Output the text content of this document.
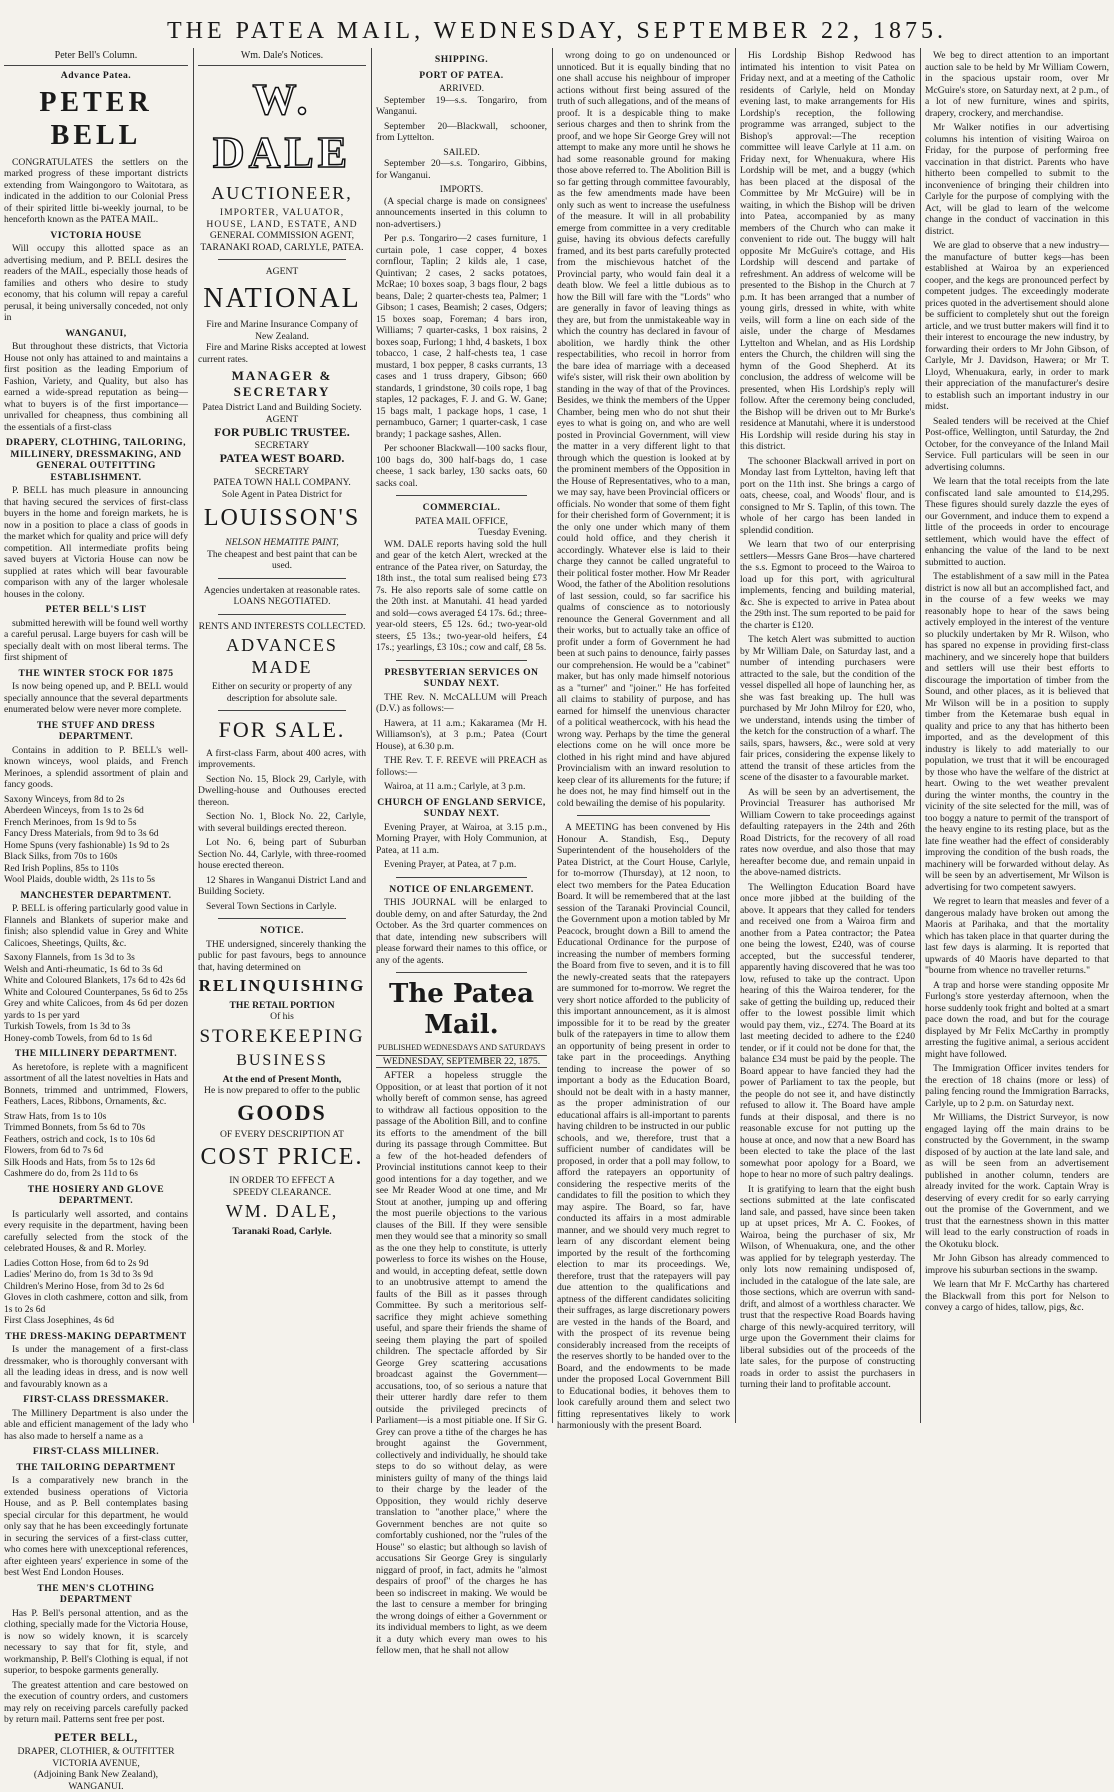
THE PATEA MAIL, WEDNESDAY, SEPTEMBER 22, 1875.
Peter Bell's Column.
Advance Patea.
PETER BELL

CONGRATULATES the settlers on the marked progress of these important districts extending from Waingongoro to Waitotara, as indicated in the addition to our Colonial Press of their spirited little bi-weekly journal, to be henceforth known as the PATEA MAIL.

VICTORIA HOUSE

Will occupy this allotted space as an advertising medium, and P. BELL desires the readers of the MAIL, especially those heads of families and others who desire to study economy, that his column will repay a careful perusal, it being universally conceded, not only in

WANGANUI,

But throughout these districts, that Victoria House not only has attained to and maintains a first position as the leading Emporium of Fashion, Variety, and Quality, but also has earned a wide-spread reputation as being—what to buyers is of the first importance—unrivalled for cheapness, thus combining all the essentials of a first-class

DRAPERY, CLOTHING, TAILORING, MILLINERY, DRESSMAKING, AND GENERAL OUTFITTING ESTABLISHMENT.

P. BELL has much pleasure in announcing that having secured the services of first-class buyers in the home and foreign markets, he is now in a position to place a class of goods in the market which for quality and price will defy competition. All intermediate profits being saved buyers at Victoria House can now be supplied at rates which will bear favourable comparison with any of the larger wholesale houses in the colony.

PETER BELL'S LIST

submitted herewith will be found well worthy a careful perusal. Large buyers for cash will be specially dealt with on most liberal terms. The first shipment of

THE WINTER STOCK FOR 1875

Is now being opened up, and P. BELL would specially announce that the several departments enumerated below were never more complete.

THE STUFF AND DRESS DEPARTMENT.

Contains in addition to P. BELL's well-known winceys, wool plaids, and French Merinoes, a splendid assortment of plain and fancy goods.

Saxony Winceys, from 8d to 2s
Aberdeen Winceys, from 1s to 2s 6d
French Merinoes, from 1s 9d to 5s
Fancy Dress Materials, from 9d to 3s 6d
Home Spuns (very fashionable) 1s 9d to 2s
Black Silks, from 70s to 160s
Red Irish Poplins, 85s to 110s
Wool Plaids, double width, 2s 11s to 5s

MANCHESTER DEPARTMENT.

P. BELL is offering particularly good value in Flannels and Blankets of superior make and finish; also splendid value in Grey and White Calicoes, Sheetings, Quilts, &c.

Saxony Flannels, from 1s 3d to 3s
Welsh and Anti-rheumatic, 1s 6d to 3s 6d
White and Coloured Blankets, 17s 6d to 42s 6d
White and Coloured Counterpanes, 5s 6d to 25s
Grey and white Calicoes, from 4s 6d per dozen yards to 1s per yard
Turkish Towels, from 1s 3d to 3s
Honey-comb Towels, from 6d to 1s 6d

THE MILLINERY DEPARTMENT.

As heretofore, is replete with a magnificent assortment of all the latest novelties in Hats and Bonnets, trimmed and untrimmed, Flowers, Feathers, Laces, Ribbons, Ornaments, &c.

Straw Hats, from 1s to 10s
Trimmed Bonnets, from 5s 6d to 70s
Feathers, ostrich and cock, 1s to 10s 6d
Flowers, from 6d to 7s 6d
Silk Hoods and Hats, from 5s to 12s 6d
Cashmere do do, from 2s 11d to 6s

THE HOSIERY AND GLOVE DEPARTMENT.

Is particularly well assorted, and contains every requisite in the department, having been carefully selected from the stock of the celebrated Houses, & and R. Morley.

Ladies Cotton Hose, from 6d to 2s 9d
Ladies' Merino do, from 1s 3d to 3s 9d
Children's Merino Hose, from 3d to 2s 6d
Gloves in cloth cashmere, cotton and silk, from 1s to 2s 6d
First Class Josephines, 4s 6d

THE DRESS-MAKING DEPARTMENT

Is under the management of a first-class dressmaker, who is thoroughly conversant with all the leading ideas in dress, and is now well and favourably known as a

FIRST-CLASS DRESSMAKER.

The Millinery Department is also under the able and efficient management of the lady who has also made to herself a name as a

FIRST-CLASS MILLINER.
THE TAILORING DEPARTMENT

Is a comparatively new branch in the extended business operations of Victoria House, and as P. Bell contemplates basing special circular for this department, he would only say that he has been exceedingly fortunate in securing the services of a first-class cutter, who comes here with unexceptional references, after eighteen years' experience in some of the best West End London Houses.

THE MEN'S CLOTHING DEPARTMENT

Has P. Bell's personal attention, and as the clothing, specially made for the Victoria House, is now so widely known, it is scarcely necessary to say that for fit, style, and workmanship, P. Bell's Clothing is equal, if not superior, to bespoke garments generally.

The greatest attention and care bestowed on the execution of country orders, and customers may rely on receiving parcels carefully packed by return mail. Patterns sent free per post.

PETER BELL,
DRAPER, CLOTHIER, & OUTFITTER
VICTORIA AVENUE,
(Adjoining Bank New Zealand),
WANGANUI.
Wm. Dale's Notices.
W. DALE
AUCTIONEER,
IMPORTER, VALUATOR,
HOUSE, LAND, ESTATE, AND
GENERAL COMMISSION AGENT,
TARANAKI ROAD, CARLYLE, PATEA.
AGENT
NATIONAL
Fire and Marine Insurance Company of New Zealand.

Fire and Marine Risks accepted at lowest current rates.

MANAGER & SECRETARY
Patea District Land and Building Society.
AGENT
FOR PUBLIC TRUSTEE.
SECRETARY
PATEA WEST BOARD.
SECRETARY
PATEA TOWN HALL COMPANY.
Sole Agent in Patea District for
LOUISSON'S
NELSON HEMATITE PAINT,
The cheapest and best paint that can be used.
Agencies undertaken at reasonable rates.
LOANS NEGOTIATED.
RENTS AND INTERESTS COLLECTED.
ADVANCES MADE
Either on security or property of any description for absolute sale.
FOR SALE.

A first-class Farm, about 400 acres, with improvements.

Section No. 15, Block 29, Carlyle, with Dwelling-house and Outhouses erected thereon.

Section No. 1, Block No. 22, Carlyle, with several buildings erected thereon.

Lot No. 6, being part of Suburban Section No. 44, Carlyle, with three-roomed house erected thereon.

12 Shares in Wanganui District Land and Building Society.

Several Town Sections in Carlyle.

NOTICE.

THE undersigned, sincerely thanking the public for past favours, begs to announce that, having determined on

RELINQUISHING
THE RETAIL PORTION
Of his
STOREKEEPING
BUSINESS
At the end of Present Month,
He is now prepared to offer to the public
GOODS
OF EVERY DESCRIPTION AT
COST PRICE.
IN ORDER TO EFFECT A
SPEEDY CLEARANCE.
WM. DALE,
Taranaki Road, Carlyle.
SHIPPING.
PORT OF PATEA.
ARRIVED.

September 19—s.s. Tongariro, from Wanganui.

September 20—Blackwall, schooner, from Lyttelton.

SAILED.

September 20—s.s. Tongariro, Gibbins, for Wanganui.

IMPORTS.

(A special charge is made on consignees' announcements inserted in this column to non-advertisers.)

Per p.s. Tongariro—2 cases furniture, 1 curtain pole, 1 case copper, 4 boxes cornflour, Taplin; 2 kilds ale, 1 case, Quintivan; 2 cases, 2 sacks potatoes, McRae; 10 boxes soap, 3 bags flour, 2 bags beans, Dale; 2 quarter-chests tea, Palmer; 1 Gibson; 1 cases, Beamish; 2 cases, Odgers; 15 boxes soap, Foreman; 4 bars iron, Williams; 7 quarter-casks, 1 box raisins, 2 boxes soap, Furlong; 1 hhd, 4 baskets, 1 box tobacco, 1 case, 2 half-chests tea, 1 case mustard, 1 box pepper, 8 casks currants, 13 cases and 1 truss drapery, Gibson; 660 standards, 1 grindstone, 30 coils rope, 1 bag staples, 12 packages, F. J. and G. W. Gane; 15 bags malt, 1 package hops, 1 case, 1 pernambuco, Garner; 1 quarter-cask, 1 case brandy; 1 package sashes, Allen.

Per schooner Blackwall—100 sacks flour, 100 bags do, 300 half-bags do, 1 case cheese, 1 sack barley, 130 sacks oats, 60 sacks coal.

COMMERCIAL.
PATEA MAIL OFFICE,
Tuesday Evening.

WM. DALE reports having sold the hull and gear of the ketch Alert, wrecked at the entrance of the Patea river, on Saturday, the 18th inst., the total sum realised being £73 7s. He also reports sale of some cattle on the 20th inst. at Manutahi. 41 head yarded and sold—cows averaged £4 17s. 6d.; three-year-old steers, £5 12s. 6d.; two-year-old steers, £5 13s.; two-year-old heifers, £4 17s.; yearlings, £3 10s.; cow and calf, £8 5s.

PRESBYTERIAN SERVICES ON SUNDAY NEXT.

THE Rev. N. McCALLUM will Preach (D.V.) as follows:—

Hawera, at 11 a.m.; Kakaramea (Mr H. Williamson's), at 3 p.m.; Patea (Court House), at 6.30 p.m.

THE Rev. T. F. REEVE will PREACH as follows:—

Wairoa, at 11 a.m.; Carlyle, at 3 p.m.

CHURCH OF ENGLAND SERVICE, SUNDAY NEXT.

Evening Prayer, at Wairoa, at 3.15 p.m., Morning Prayer, with Holy Communion, at Patea, at 11 a.m.

Evening Prayer, at Patea, at 7 p.m.

NOTICE OF ENLARGEMENT.

THIS JOURNAL will be enlarged to double demy, on and after Saturday, the 2nd October. As the 3rd quarter commences on that date, intending new subscribers will please forward their names to this office, or any of the agents.

The Patea Mail.
PUBLISHED WEDNESDAYS AND SATURDAYS
WEDNESDAY, SEPTEMBER 22, 1875.

AFTER a hopeless struggle the Opposition, or at least that portion of it not wholly bereft of common sense, has agreed to withdraw all factious opposition to the passage of the Abolition Bill, and to confine its efforts to the amendment of the bill during its passage through Committee. But a few of the hot-headed defenders of Provincial institutions cannot keep to their good intentions for a day together, and we see Mr Reader Wood at one time, and Mr Stout at another, jumping up and offering the most puerile objections to the various clauses of the Bill. If they were sensible men they would see that a minority so small as the one they help to constitute, is utterly powerless to force its wishes on the House, and would, in accepting defeat, settle down to an unobtrusive attempt to amend the faults of the Bill as it passes through Committee. By such a meritorious self-sacrifice they might achieve something useful, and spare their friends the shame of seeing them playing the part of spoiled children. The spectacle afforded by Sir George Grey scattering accusations broadcast against the Government—accusations, too, of so serious a nature that their utterer hardly dare refer to them outside the privileged precincts of Parliament—is a most pitiable one. If Sir G. Grey can prove a tithe of the charges he has brought against the Government, collectively and individually, he should take steps to do so without delay, as were ministers guilty of many of the things laid to their charge by the leader of the Opposition, they would richly deserve translation to "another place," where the Government benches are not quite so comfortably cushioned, nor the "rules of the House" so elastic; but although so lavish of accusations Sir George Grey is singularly niggard of proof, in fact, admits he "almost despairs of proof" of the charges he has been so indiscreet in making. We would be the last to censure a member for bringing the wrong doings of either a Government or its individual members to light, as we deem it a duty which every man owes to his fellow men, that he shall not allow

wrong doing to go on undenounced or unnoticed. But it is equally binding that no one shall accuse his neighbour of improper actions without first being assured of the truth of such allegations, and of the means of proof. It is a despicable thing to make serious charges and then to shrink from the proof, and we hope Sir George Grey will not attempt to make any more until he shows he had some reasonable ground for making those above referred to. The Abolition Bill is so far getting through committee favourably, as the few amendments made have been only such as went to increase the usefulness of the measure. It will in all probability emerge from committee in a very creditable guise, having its obvious defects carefully framed, and its best parts carefully protected from the mischievous hatchet of the Provincial party, who would fain deal it a death blow. We feel a little dubious as to how the Bill will fare with the "Lords" who are generally in favor of leaving things as they are, but from the unmistakeable way in which the country has declared in favour of abolition, we hardly think the other respectabilities, who recoil in horror from the bare idea of marriage with a deceased wife's sister, will risk their own abolition by standing in the way of that of the Provinces. Besides, we think the members of the Upper Chamber, being men who do not shut their eyes to what is going on, and who are well posted in Provincial Government, will view the matter in a very different light to that through which the question is looked at by the prominent members of the Opposition in the House of Representatives, who to a man, we may say, have been Provincial officers or officials. No wonder that some of them fight for their cherished form of Government; it is the only one under which many of them could hold office, and they cherish it accordingly. Whatever else is laid to their charge they cannot be called ungrateful to their political foster mother. How Mr Reader Wood, the father of the Abolition resolutions of last session, could, so far sacrifice his qualms of conscience as to notoriously renounce the General Government and all their works, but to actually take an office of profit under a form of Government he had been at such pains to denounce, fairly passes our comprehension. He would be a "cabinet" maker, but has only made himself notorious as a "turner" and "joiner." He has forfeited all claims to stability of purpose, and has earned for himself the unenvious character of a political weathercock, with his head the wrong way. Perhaps by the time the general elections come on he will once more be clothed in his right mind and have abjured Provincialism with an inward resolution to keep clear of its allurements for the future; if he does not, he may find himself out in the cold bewailing the demise of his popularity.

A MEETING has been convened by His Honour A. Standish, Esq., Deputy Superintendent of the householders of the Patea District, at the Court House, Carlyle, for to-morrow (Thursday), at 12 noon, to elect two members for the Patea Education Board. It will be remembered that at the last session of the Taranaki Provincial Council, the Government upon a motion tabled by Mr Peacock, brought down a Bill to amend the Educational Ordinance for the purpose of increasing the number of members forming the Board from five to seven, and it is to fill the newly-created seats that the ratepayers are summoned for to-morrow. We regret the very short notice afforded to the publicity of this important announcement, as it is almost impossible for it to be read by the greater bulk of the ratepayers in time to allow them an opportunity of being present in order to take part in the proceedings. Anything tending to increase the power of so important a body as the Education Board, should not be dealt with in a hasty manner, as the proper administration of our educational affairs is all-important to parents having children to be instructed in our public schools, and we, therefore, trust that a sufficient number of candidates will be proposed, in order that a poll may follow, to afford the ratepayers an opportunity of considering the respective merits of the candidates to fill the position to which they may aspire. The Board, so far, have conducted its affairs in a most admirable manner, and we should very much regret to learn of any discordant element being imported by the result of the forthcoming election to mar its proceedings. We, therefore, trust that the ratepayers will pay due attention to the qualifications and aptness of the different candidates soliciting their suffrages, as large discretionary powers are vested in the hands of the Board, and with the prospect of its revenue being considerably increased from the receipts of the reserves shortly to be handed over to the Board, and the endowments to be made under the proposed Local Government Bill to Educational bodies, it behoves them to look carefully around them and select two fitting representatives likely to work harmoniously with the present Board.

His Lordship Bishop Redwood has intimated his intention to visit Patea on Friday next, and at a meeting of the Catholic residents of Carlyle, held on Monday evening last, to make arrangements for His Lordship's reception, the following programme was arranged, subject to the Bishop's approval:—The reception committee will leave Carlyle at 11 a.m. on Friday next, for Whenuakura, where His Lordship will be met, and a buggy (which has been placed at the disposal of the Committee by Mr McGuire) will be in waiting, in which the Bishop will be driven into Patea, accompanied by as many members of the Church who can make it convenient to ride out. The buggy will halt opposite Mr McGuire's cottage, and His Lordship will descend and partake of refreshment. An address of welcome will be presented to the Bishop in the Church at 7 p.m. It has been arranged that a number of young girls, dressed in white, with white veils, will form a line on each side of the aisle, under the charge of Mesdames Lyttelton and Whelan, and as His Lordship enters the Church, the children will sing the hymn of the Good Shepherd. At its conclusion, the address of welcome will be presented, when His Lordship's reply will follow. After the ceremony being concluded, the Bishop will be driven out to Mr Burke's residence at Manutahi, where it is understood His Lordship will reside during his stay in this district.

The schooner Blackwall arrived in port on Monday last from Lyttelton, having left that port on the 11th inst. She brings a cargo of oats, cheese, coal, and Woods' flour, and is consigned to Mr S. Taplin, of this town. The whole of her cargo has been landed in splendid condition.

We learn that two of our enterprising settlers—Messrs Gane Bros—have chartered the s.s. Egmont to proceed to the Wairoa to load up for this port, with agricultural implements, fencing and building material, &c. She is expected to arrive in Patea about the 29th inst. The sum reported to be paid for the charter is £120.

The ketch Alert was submitted to auction by Mr William Dale, on Saturday last, and a number of intending purchasers were attracted to the sale, but the condition of the vessel dispelled all hope of launching her, as she was fast breaking up. The hull was purchased by Mr John Milroy for £20, who, we understand, intends using the timber of the ketch for the construction of a wharf. The sails, spars, hawsers, &c., were sold at very fair prices, considering the expense likely to attend the transit of these articles from the scene of the disaster to a favourable market.

As will be seen by an advertisement, the Provincial Treasurer has authorised Mr William Cowern to take proceedings against defaulting ratepayers in the 24th and 26th Road Districts, for the recovery of all road rates now overdue, and also those that may hereafter become due, and remain unpaid in the above-named districts.

The Wellington Education Board have once more jibbed at the building of the above. It appears that they called for tenders and received one from a Wairoa firm and another from a Patea contractor; the Patea one being the lowest, £240, was of course accepted, but the successful tenderer, apparently having discovered that he was too low, refused to take up the contract. Upon hearing of this the Wairoa tenderer, for the sake of getting the building up, reduced their offer to the lowest possible limit which would pay them, viz., £274. The Board at its last meeting decided to adhere to the £240 tender, or if it could not be done for that, the balance £34 must be paid by the people. The Board appear to have fancied they had the power of Parliament to tax the people, but the people do not see it, and have distinctly refused to allow it. The Board have ample funds at their disposal, and there is no reasonable excuse for not putting up the house at once, and now that a new Board has been elected to take the place of the last somewhat poor apology for a Board, we hope to hear no more of such paltry dealings.

It is gratifying to learn that the eight bush sections submitted at the late confiscated land sale, and passed, have since been taken up at upset prices, Mr A. C. Fookes, of Wairoa, being the purchaser of six, Mr Wilson, of Whenuakura, one, and the other was applied for by telegraph yesterday. The only lots now remaining undisposed of, included in the catalogue of the late sale, are those sections, which are overrun with sand-drift, and almost of a worthless character. We trust that the respective Road Boards having charge of this newly-acquired territory, will urge upon the Government their claims for liberal subsidies out of the proceeds of the late sales, for the purpose of constructing roads in order to assist the purchasers in turning their land to profitable account.

We beg to direct attention to an important auction sale to be held by Mr William Cowern, in the spacious upstair room, over Mr McGuire's store, on Saturday next, at 2 p.m., of a lot of new furniture, wines and spirits, drapery, crockery, and merchandise.

Mr Walker notifies in our advertising columns his intention of visiting Wairoa on Friday, for the purpose of performing free vaccination in that district. Parents who have hitherto been compelled to submit to the inconvenience of bringing their children into Carlyle for the purpose of complying with the Act, will be glad to learn of the welcome change in the conduct of vaccination in this district.

We are glad to observe that a new industry—the manufacture of butter kegs—has been established at Wairoa by an experienced cooper, and the kegs are pronounced perfect by competent judges. The exceedingly moderate prices quoted in the advertisement should alone be sufficient to completely shut out the foreign article, and we trust butter makers will find it to their interest to encourage the new industry, by forwarding their orders to Mr John Gibson, of Carlyle, Mr J. Davidson, Hawera; or Mr T. Lloyd, Whenuakura, early, in order to mark their appreciation of the manufacturer's desire to establish such an important industry in our midst.

Sealed tenders will be received at the Chief Post-office, Wellington, until Saturday, the 2nd October, for the conveyance of the Inland Mail Service. Full particulars will be seen in our advertising columns.

We learn that the total receipts from the late confiscated land sale amounted to £14,295. These figures should surely dazzle the eyes of our Government, and induce them to expend a little of the proceeds in order to encourage settlement, which would have the effect of enhancing the value of the land to be next submitted to auction.

The establishment of a saw mill in the Patea district is now all but an accomplished fact, and in the course of a few weeks we may reasonably hope to hear of the saws being actively employed in the interest of the venture so pluckily undertaken by Mr R. Wilson, who has spared no expense in providing first-class machinery, and we sincerely hope that builders and settlers will use their best efforts to discourage the importation of timber from the Sound, and other places, as it is believed that Mr Wilson will be in a position to supply timber from the Ketemarae bush equal in quality and price to any that has hitherto been imported, and as the development of this industry is likely to add materially to our population, we trust that it will be encouraged by those who have the welfare of the district at heart. Owing to the wet weather prevalent during the winter months, the country in the vicinity of the site selected for the mill, was of too boggy a nature to permit of the transport of the heavy engine to its resting place, but as the late fine weather had the effect of considerably improving the condition of the bush roads, the machinery will be forwarded without delay. As will be seen by an advertisement, Mr Wilson is advertising for two competent sawyers.

We regret to learn that measles and fever of a dangerous malady have broken out among the Maoris at Parihaka, and that the mortality which has taken place in that quarter during the last few days is alarming. It is reported that upwards of 40 Maoris have departed to that "bourne from whence no traveller returns."

A trap and horse were standing opposite Mr Furlong's store yesterday afternoon, when the horse suddenly took fright and bolted at a smart pace down the road, and but for the courage displayed by Mr Felix McCarthy in promptly arresting the fugitive animal, a serious accident might have followed.

The Immigration Officer invites tenders for the erection of 18 chains (more or less) of paling fencing round the Immigration Barracks, Carlyle, up to 2 p.m. on Saturday next.

Mr Williams, the District Surveyor, is now engaged laying off the main drains to be constructed by the Government, in the swamp disposed of by auction at the late land sale, and as will be seen from an advertisement published in another column, tenders are already invited for the work. Captain Wray is deserving of every credit for so early carrying out the promise of the Government, and we trust that the earnestness shown in this matter will lead to the early construction of roads in the Okotuku block.

Mr John Gibson has already commenced to improve his suburban sections in the swamp.

We learn that Mr F. McCarthy has chartered the Blackwall from this port for Nelson to convey a cargo of hides, tallow, pigs, &c.
